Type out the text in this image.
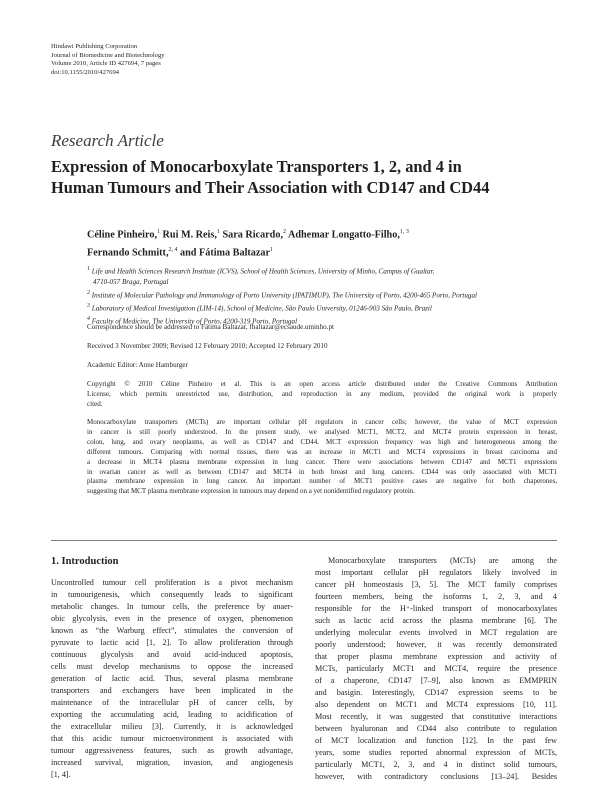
Hindawi Publishing Corporation
Journal of Biomedicine and Biotechnology
Volume 2010, Article ID 427694, 7 pages
doi:10.1155/2010/427694
Research Article
Expression of Monocarboxylate Transporters 1, 2, and 4 in
Human Tumours and Their Association with CD147 and CD44
Céline Pinheiro,$^1$ Rui M. Reis,$^1$ Sara Ricardo,$^2$ Adhemar Longatto-Filho,$^{1, 3}$
Fernando Schmitt,$^{2, 4}$ and Fátima Baltazar$^1$
$^1$ Life and Health Sciences Research Institute (ICVS), School of Health Sciences, University of Minho, Campus of Gualtar,
4710-057 Braga, Portugal
$^2$ Institute of Molecular Pathology and Immunology of Porto University (IPATIMUP), The University of Porto, 4200-465 Porto, Portugal
$^3$ Laboratory of Medical Investigation (LIM-14), School of Medicine, São Paulo University, 01246-903 São Paulo, Brazil
$^4$ Faculty of Medicine, The University of Porto, 4200-319 Porto, Portugal
Correspondence should be addressed to Fátima Baltazar, fbaltazar@ecsaude.uminho.pt
Received 3 November 2009; Revised 12 February 2010; Accepted 12 February 2010
Academic Editor: Anne Hamburger
Copyright © 2010 Céline Pinheiro et al. This is an open access article distributed under the Creative Commons Attribution
License, which permits unrestricted use, distribution, and reproduction in any medium, provided the original work is properly
cited.
Monocarboxylate transporters (MCTs) are important cellular pH regulators in cancer cells; however, the value of MCT expression
in cancer is still poorly understood. In the present study, we analysed MCT1, MCT2, and MCT4 protein expression in breast,
colon, lung, and ovary neoplasms, as well as CD147 and CD44. MCT expression frequency was high and heterogeneous among the
different tumours. Comparing with normal tissues, there was an increase in MCT1 and MCT4 expressions in breast carcinoma and
a decrease in MCT4 plasma membrane expression in lung cancer. There were associations between CD147 and MCT1 expressions
in ovarian cancer as well as between CD147 and MCT4 in both breast and lung cancers. CD44 was only associated with MCT1
plasma membrane expression in lung cancer. An important number of MCT1 positive cases are negative for both chaperones,
suggesting that MCT plasma membrane expression in tumours may depend on a yet nonidentified regulatory protein.
1. Introduction
Uncontrolled tumour cell proliferation is a pivot mechanism
in tumourigenesis, which consequently leads to significant
metabolic changes. In tumour cells, the preference by anaer-
obic glycolysis, even in the presence of oxygen, phenomenon
known as “the Warburg effect”, stimulates the conversion of
pyruvate to lactic acid [1, 2]. To allow proliferation through
continuous glycolysis and avoid acid-induced apoptosis,
cells must develop mechanisms to oppose the increased
generation of lactic acid. Thus, several plasma membrane
transporters and exchangers have been implicated in the
maintenance of the intracellular pH of cancer cells, by
exporting the accumulating acid, leading to acidification of
the extracellular milieu [3]. Currently, it is acknowledged
that this acidic tumour microenvironment is associated with
tumour aggressiveness features, such as growth advantage,
increased survival, migration, invasion, and angiogenesis
[1, 4].
Monocarboxylate transporters (MCTs) are among the
most important cellular pH regulators likely involved in
cancer pH homeostasis [3, 5]. The MCT family comprises
fourteen members, being the isoforms 1, 2, 3, and 4
responsible for the H⁺-linked transport of monocarboxylates
such as lactic acid across the plasma membrane [6]. The
underlying molecular events involved in MCT regulation are
poorly understood; however, it was recently demonstrated
that proper plasma membrane expression and activity of
MCTs, particularly MCT1 and MCT4, require the presence
of a chaperone, CD147 [7–9], also known as EMMPRIN
and basigin. Interestingly, CD147 expression seems to be
also dependent on MCT1 and MCT4 expressions [10, 11].
Most recently, it was suggested that constitutive interactions
between hyaluronan and CD44 also contribute to regulation
of MCT localization and function [12]. In the past few
years, some studies reported abnormal expression of MCTs,
particularly MCT1, 2, 3, and 4 in distinct solid tumours,
however, with contradictory conclusions [13–24]. Besides
